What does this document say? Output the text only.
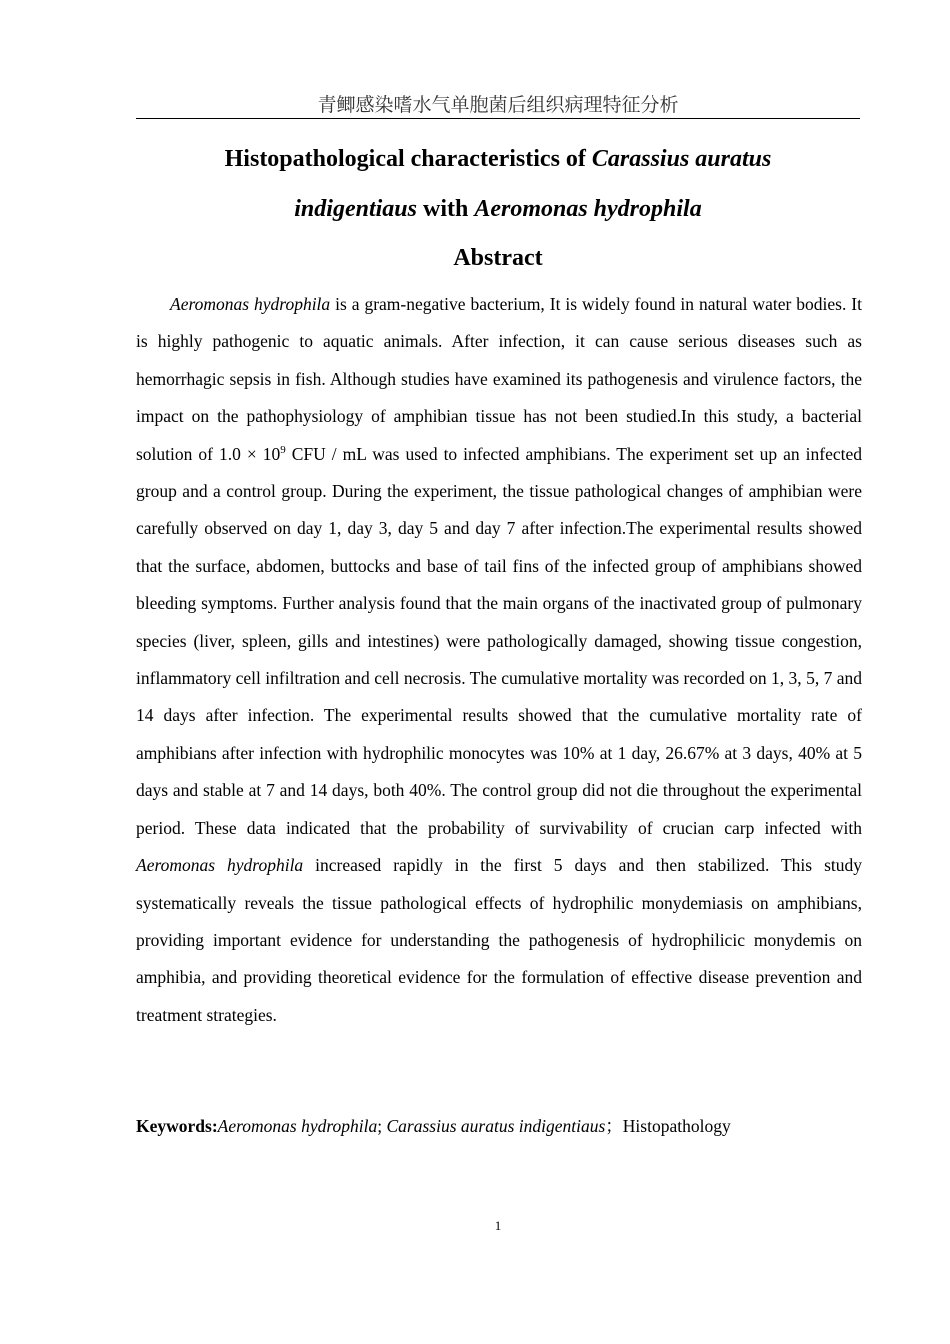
青鲫感染嗜水气单胞菌后组织病理特征分析
Histopathological characteristics of Carassius auratus
indigentiaus with Aeromonas hydrophila
Abstract

Aeromonas hydrophila is a gram-negative bacterium, It is widely found in natural water bodies. It is highly pathogenic to aquatic animals. After infection, it can cause serious diseases such as hemorrhagic sepsis in fish. Although studies have examined its pathogenesis and virulence factors, the impact on the pathophysiology of amphibian tissue has not been studied.In this study, a bacterial solution of $1.0 \times 10^9$ CFU / mL was used to infected amphibians. The experiment set up an infected group and a control group. During the experiment, the tissue pathological changes of amphibian were carefully observed on day 1, day 3, day 5 and day 7 after infection.The experimental results showed that the surface, abdomen, buttocks and base of tail fins of the infected group of amphibians showed bleeding symptoms. Further analysis found that the main organs of the inactivated group of pulmonary species (liver, spleen, gills and intestines) were pathologically damaged, showing tissue congestion, inflammatory cell infiltration and cell necrosis. The cumulative mortality was recorded on 1, 3, 5, 7 and 14 days after infection. The experimental results showed that the cumulative mortality rate of amphibians after infection with hydrophilic monocytes was 10% at 1 day, 26.67% at 3 days, 40% at 5 days and stable at 7 and 14 days, both 40%. The control group did not die throughout the experimental period. These data indicated that the probability of survivability of crucian carp infected with Aeromonas hydrophila increased rapidly in the first 5 days and then stabilized. This study systematically reveals the tissue pathological effects of hydrophilic monydemiasis on amphibians, providing important evidence for understanding the pathogenesis of hydrophilicic monydemis on amphibia, and providing theoretical evidence for the formulation of effective disease prevention and treatment strategies.

Keywords:Aeromonas hydrophila; Carassius auratus indigentiaus；Histopathology
1
